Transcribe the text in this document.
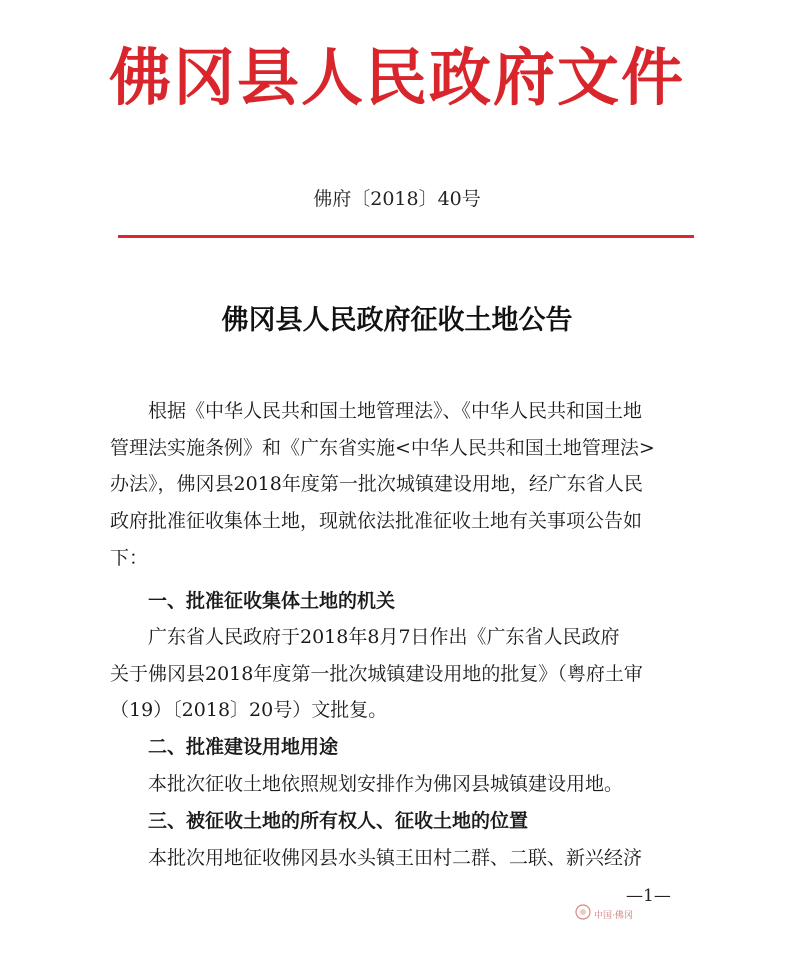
佛冈县人民政府文件
佛府〔2018〕40号
佛冈县人民政府征收土地公告
　　根据《中华人民共和国土地管理法》、《中华人民共和国土地
管理法实施条例》和《广东省实施<中华人民共和国土地管理法>
办法》，佛冈县2018年度第一批次城镇建设用地，经广东省人民
政府批准征收集体土地，现就依法批准征收土地有关事项公告如
下：
　　一、批准征收集体土地的机关
　　广东省人民政府于2018年8月7日作出《广东省人民政府
关于佛冈县2018年度第一批次城镇建设用地的批复》（粤府土审
（19）〔2018〕20号）文批复。
　　二、批准建设用地用途
　　本批次征收土地依照规划安排作为佛冈县城镇建设用地。
　　三、被征收土地的所有权人、征收土地的位置
　　本批次用地征收佛冈县水头镇王田村二群、二联、新兴经济
—1—
中国·佛冈
